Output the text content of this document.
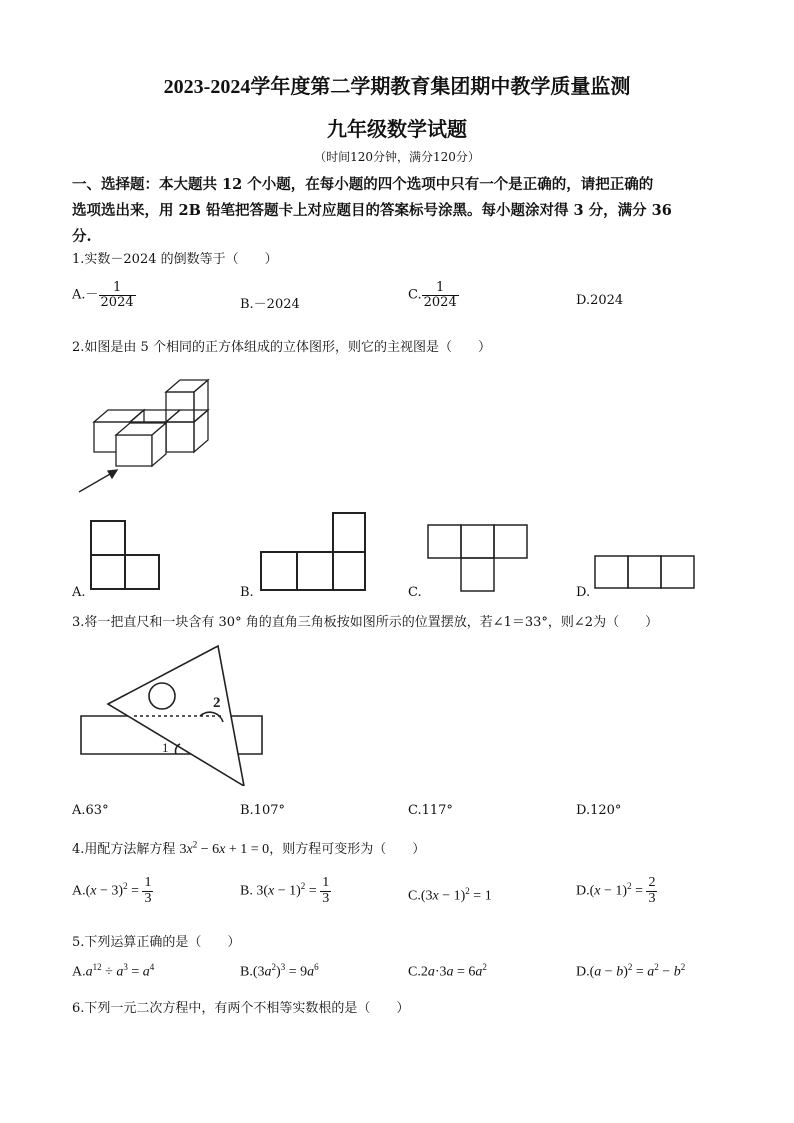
2023-2024学年度第二学期教育集团期中教学质量监测
九年级数学试题
（时间120分钟，满分120分）
一、选择题：本大题共 12 个小题，在每小题的四个选项中只有一个是正确的，请把正确的
选项选出来，用 2B 铅笔把答题卡上对应题目的答案标号涂黑。每小题涂对得 3 分，满分 36
分.
1.实数－2024 的倒数等于（　　）
$A.- \frac{1}{2024}$	B.－2024
C. $\frac{1}{2024}$	D.2024
2.如图是由 5 个相同的正方体组成的立体图形，则它的主视图是（　　）
A.	B.	C.	D.
3.将一把直尺和一块含有 30° 角的直角三角板按如图所示的位置摆放，若∠1＝33°，则∠2为（　　）
2
1
A.63°	B.107°	C.117°	D.120°
4.用配方法解方程 $3x^2 - 6x + 1 = 0$，则方程可变形为（　　）
$A.(x - 3)^2 = \frac{1}{3}$	B. $3(x - 1)^2 = \frac{1}{3}$	$C.(3x - 1)^2 = 1$	$D.(x - 1)^2 = \frac{2}{3}$
5.下列运算正确的是（　　）
$A.a^{12} \div a^3 = a^4$	$B.(3a^2)^3 = 9a^6$	$C.2a\cdot 3a = 6a^2$	$D.(a - b)^2 = a^2 - b^2$
6.下列一元二次方程中，有两个不相等实数根的是（　　）
